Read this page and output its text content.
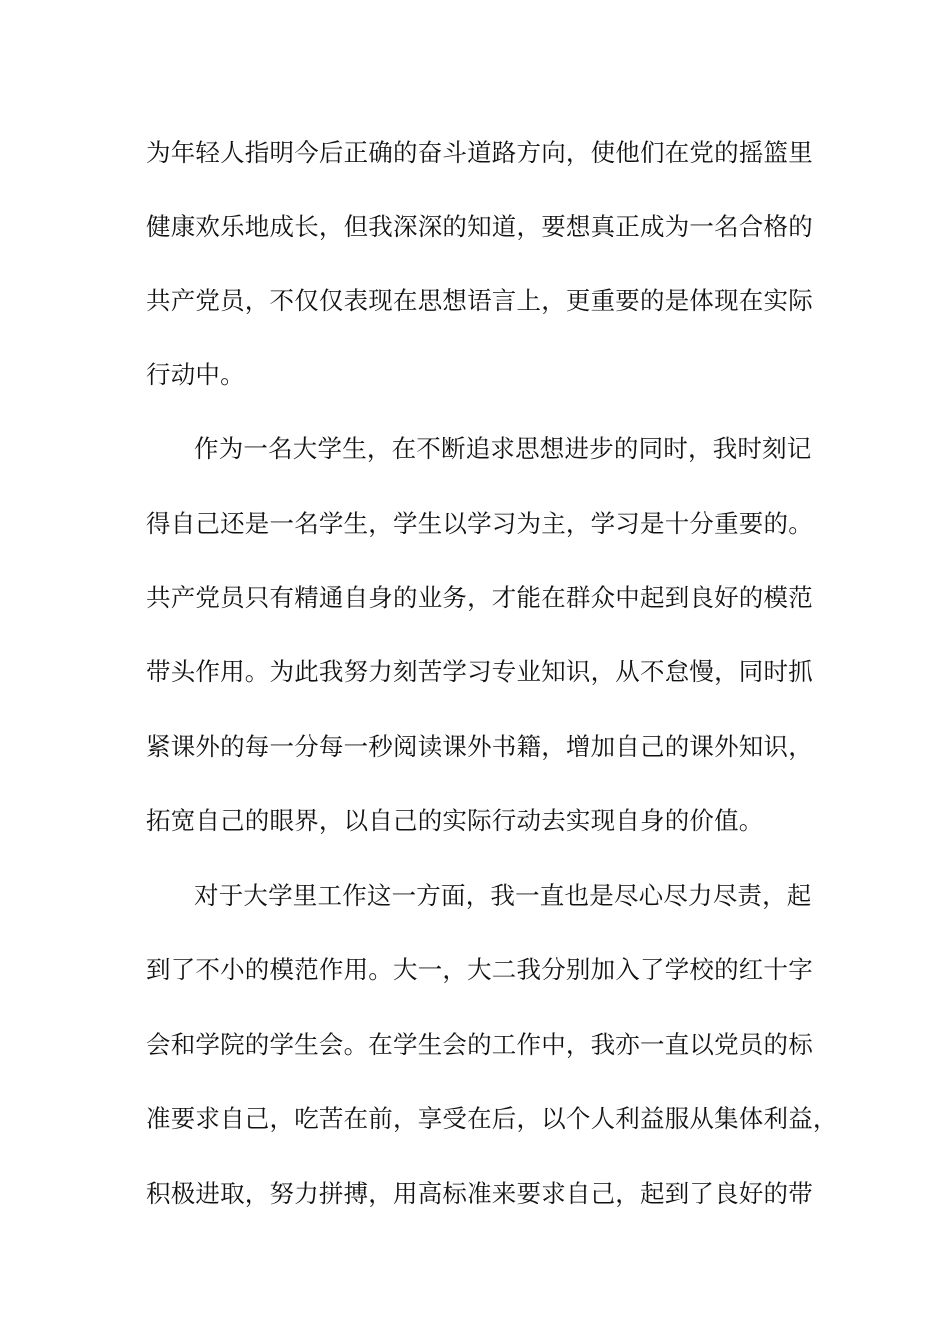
为年轻人指明今后正确的奋斗道路方向，使他们在党的摇篮里
健康欢乐地成长，但我深深的知道，要想真正成为一名合格的
共产党员，不仅仅表现在思想语言上，更重要的是体现在实际
行动中。
作为一名大学生，在不断追求思想进步的同时，我时刻记
得自己还是一名学生，学生以学习为主，学习是十分重要的。
共产党员只有精通自身的业务，才能在群众中起到良好的模范
带头作用。为此我努力刻苦学习专业知识，从不怠慢，同时抓
紧课外的每一分每一秒阅读课外书籍，增加自己的课外知识，
拓宽自己的眼界，以自己的实际行动去实现自身的价值。
对于大学里工作这一方面，我一直也是尽心尽力尽责，起
到了不小的模范作用。大一，大二我分别加入了学校的红十字
会和学院的学生会。在学生会的工作中，我亦一直以党员的标
准要求自己，吃苦在前，享受在后，以个人利益服从集体利益，
积极进取，努力拼搏，用高标准来要求自己，起到了良好的带
